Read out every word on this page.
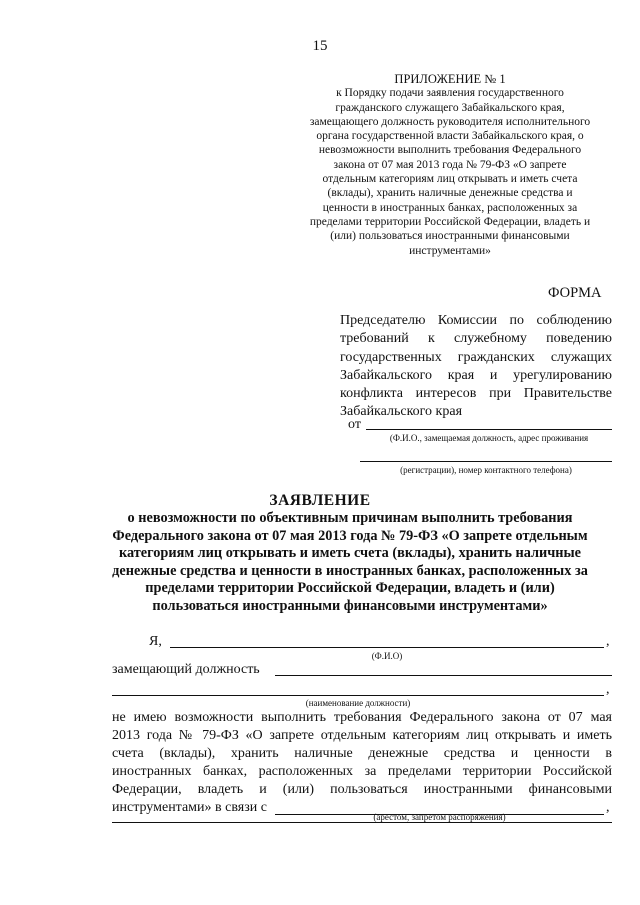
15
ПРИЛОЖЕНИЕ № 1
к Порядку подачи заявления государственного
гражданского служащего Забайкальского края,
замещающего должность руководителя исполнительного
органа государственной власти Забайкальского края, о
невозможности выполнить требования Федерального
закона от 07 мая 2013 года № 79-ФЗ «О запрете
отдельным категориям лиц открывать и иметь счета
(вклады), хранить наличные денежные средства и
ценности в иностранных банках, расположенных за
пределами территории Российской Федерации, владеть и
(или) пользоваться иностранными финансовыми
инструментами»
ФОРМА

Председателю Комиссии по соблюдению

требований к служебному поведению

государственных гражданских служащих

Забайкальского края и урегулированию

конфликта интересов при Правительстве

Забайкальского края

от
(Ф.И.О., замещаемая должность, адрес проживания
(регистрации), номер контактного телефона)
ЗАЯВЛЕНИЕ
о невозможности по объективным причинам выполнить требования
Федерального закона от 07 мая 2013 года № 79-ФЗ «О запрете отдельным
категориям лиц открывать и иметь счета (вклады), хранить наличные
денежные средства и ценности в иностранных банках, расположенных за
пределами территории Российской Федерации, владеть и (или)
пользоваться иностранными финансовыми инструментами»
Я,	,
(Ф.И.О)
замещающий должность
,
(наименование должности)

не имею возможности выполнить требования Федерального закона от 07 мая

2013 года № 79-ФЗ «О запрете отдельным категориям лиц открывать и иметь

счета (вклады), хранить наличные денежные средства и ценности в

иностранных банках, расположенных за пределами территории Российской

Федерации, владеть и (или) пользоваться иностранными финансовыми

инструментами» в связи с	,
(арестом, запретом распоряжения)
